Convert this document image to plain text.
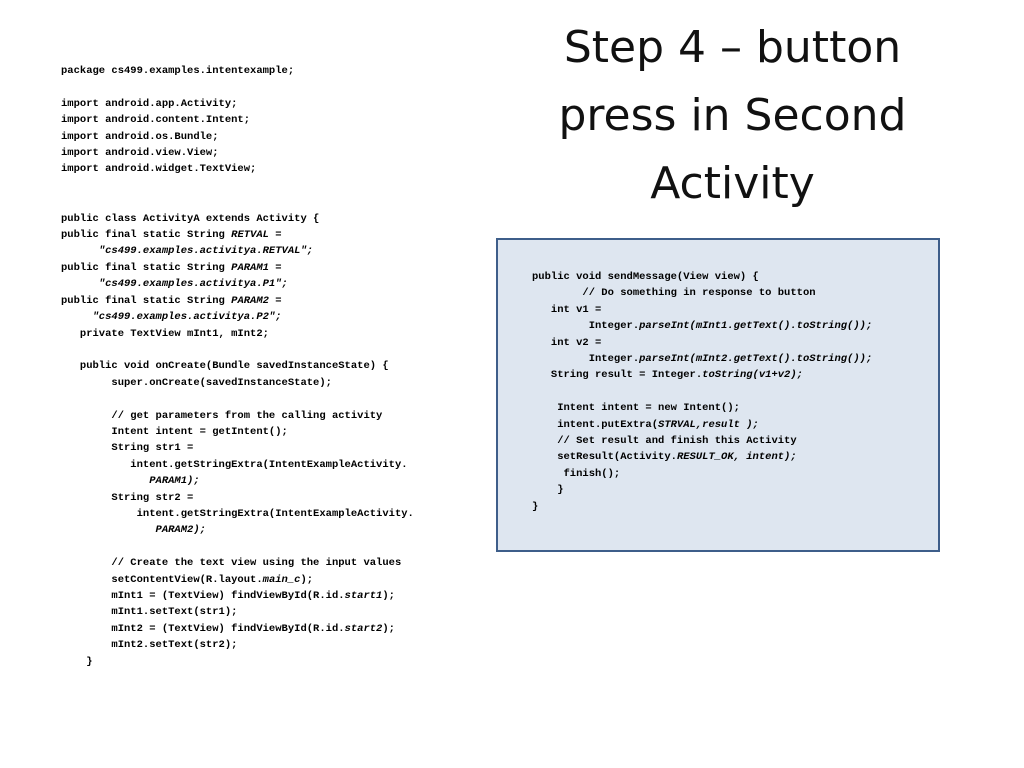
Step 4 – button
press in Second
Activity
package cs499.examples.intentexample;
import android.app.Activity;
import android.content.Intent;
import android.os.Bundle;
import android.view.View;
import android.widget.TextView;
public class ActivityA extends Activity {
public final static String RETVAL =
"cs499.examples.activitya.RETVAL";
public final static String PARAM1 =
"cs499.examples.activitya.P1";
public final static String PARAM2 =
"cs499.examples.activitya.P2";
private TextView mInt1, mInt2;
public void onCreate(Bundle savedInstanceState) {
super.onCreate(savedInstanceState);
// get parameters from the calling activity
Intent intent = getIntent();
String str1 =
intent.getStringExtra(IntentExampleActivity.
PARAM1);
String str2 =
intent.getStringExtra(IntentExampleActivity.
PARAM2);
// Create the text view using the input values
setContentView(R.layout.main_c);
mInt1 = (TextView) findViewById(R.id.start1);
mInt1.setText(str1);
mInt2 = (TextView) findViewById(R.id.start2);
mInt2.setText(str2);
}
public void sendMessage(View view) {
// Do something in response to button
int v1 =
Integer.parseInt(mInt1.getText().toString());
int v2 =
Integer.parseInt(mInt2.getText().toString());
String result = Integer.toString(v1+v2);
Intent intent = new Intent();
intent.putExtra(STRVAL,result );
// Set result and finish this Activity
setResult(Activity.RESULT_OK, intent);
finish();
}
}
